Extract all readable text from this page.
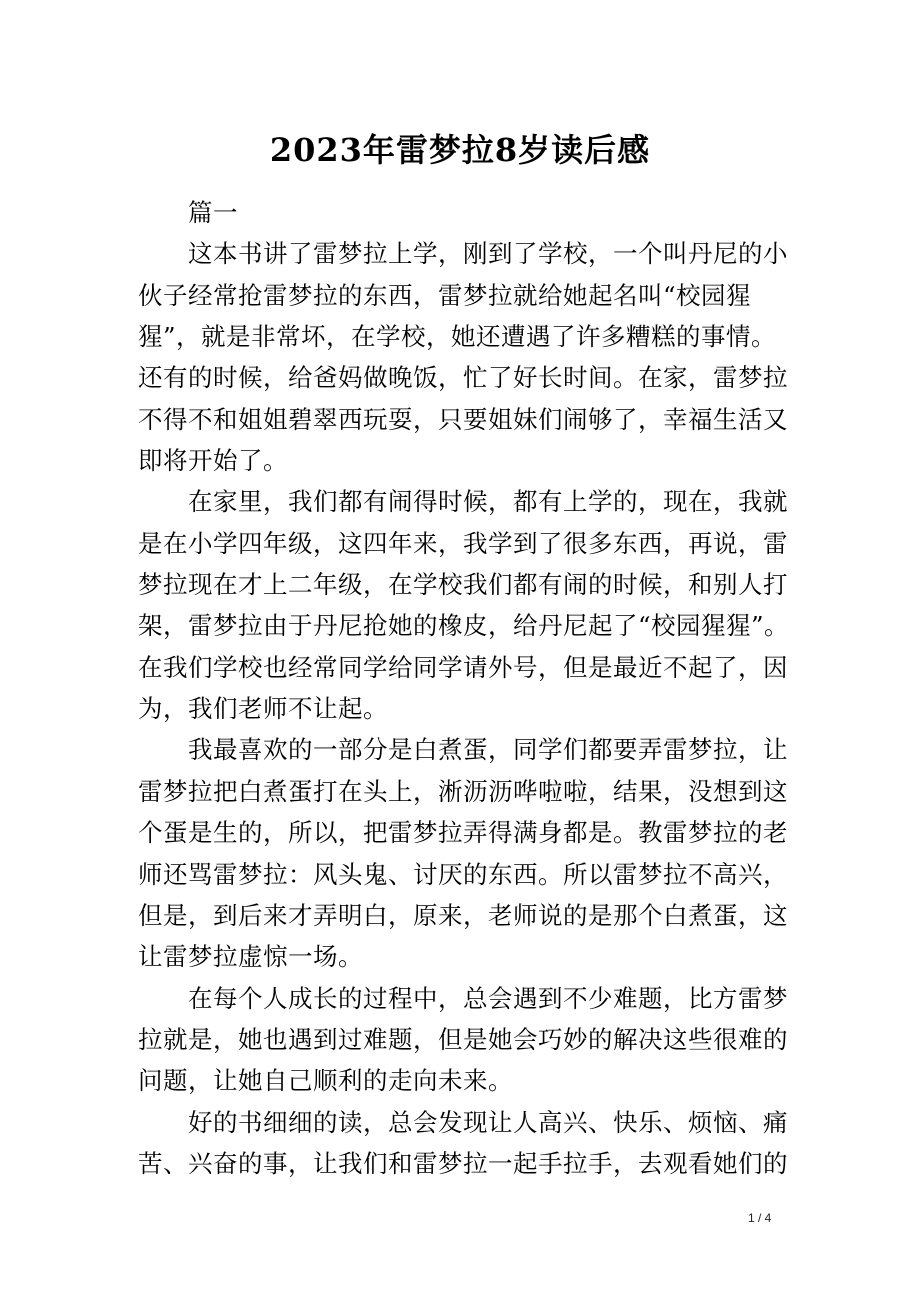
2023年雷梦拉8岁读后感
篇一
这本书讲了雷梦拉上学，刚到了学校，一个叫丹尼的小
伙子经常抢雷梦拉的东西，雷梦拉就给她起名叫“校园猩
猩”，就是非常坏，在学校，她还遭遇了许多糟糕的事情。
还有的时候，给爸妈做晚饭，忙了好长时间。在家，雷梦拉
不得不和姐姐碧翠西玩耍，只要姐妹们闹够了，幸福生活又
即将开始了。
在家里，我们都有闹得时候，都有上学的，现在，我就
是在小学四年级，这四年来，我学到了很多东西，再说，雷
梦拉现在才上二年级，在学校我们都有闹的时候，和别人打
架，雷梦拉由于丹尼抢她的橡皮，给丹尼起了“校园猩猩”。
在我们学校也经常同学给同学请外号，但是最近不起了，因
为，我们老师不让起。
我最喜欢的一部分是白煮蛋，同学们都要弄雷梦拉，让
雷梦拉把白煮蛋打在头上，淅沥沥哗啦啦，结果，没想到这
个蛋是生的，所以，把雷梦拉弄得满身都是。教雷梦拉的老
师还骂雷梦拉：风头鬼、讨厌的东西。所以雷梦拉不高兴，
但是，到后来才弄明白，原来，老师说的是那个白煮蛋，这
让雷梦拉虚惊一场。
在每个人成长的过程中，总会遇到不少难题，比方雷梦
拉就是，她也遇到过难题，但是她会巧妙的解决这些很难的
问题，让她自己顺利的走向未来。
好的书细细的读，总会发现让人高兴、快乐、烦恼、痛
苦、兴奋的事，让我们和雷梦拉一起手拉手，去观看她们的
1 / 4
